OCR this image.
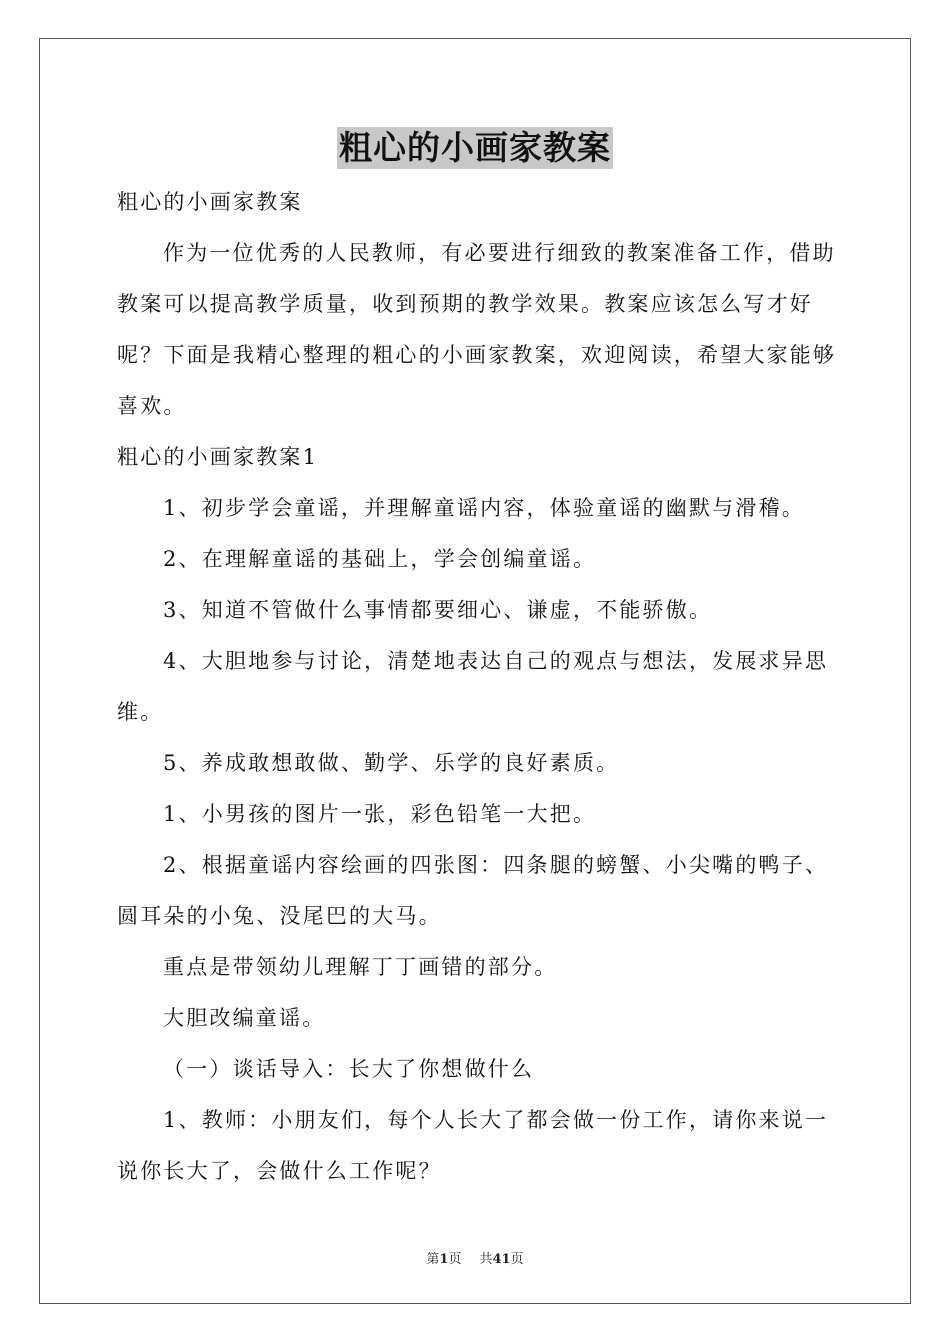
粗心的小画家教案

粗心的小画家教案

作为一位优秀的人民教师，有必要进行细致的教案准备工作，借助教案可以提高教学质量，收到预期的教学效果。教案应该怎么写才好呢？下面是我精心整理的粗心的小画家教案，欢迎阅读，希望大家能够喜欢。

粗心的小画家教案1

1、初步学会童谣，并理解童谣内容，体验童谣的幽默与滑稽。

2、在理解童谣的基础上，学会创编童谣。

3、知道不管做什么事情都要细心、谦虚，不能骄傲。

4、大胆地参与讨论，清楚地表达自己的观点与想法，发展求异思维。

5、养成敢想敢做、勤学、乐学的良好素质。

1、小男孩的图片一张，彩色铅笔一大把。

2、根据童谣内容绘画的四张图：四条腿的螃蟹、小尖嘴的鸭子、圆耳朵的小兔、没尾巴的大马。

重点是带领幼儿理解丁丁画错的部分。

大胆改编童谣。

（一）谈话导入：长大了你想做什么

1、教师：小朋友们，每个人长大了都会做一份工作，请你来说一说你长大了，会做什么工作呢？

第1页 共41页
